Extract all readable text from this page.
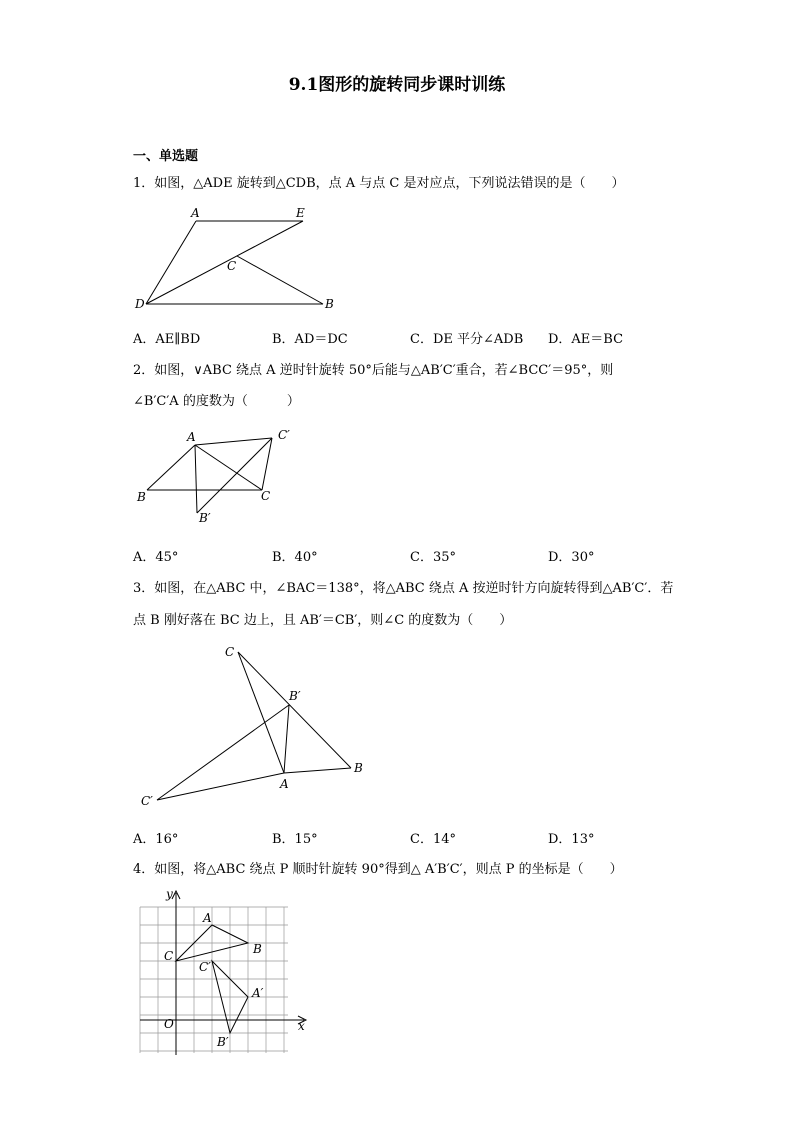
9.1图形的旋转同步课时训练
一、单选题
1．如图，△ADE 旋转到△CDB，点 A 与点 C 是对应点，下列说法错误的是（　　）
A	E
C
D	B
A	C′
B	C
B′
C
B′
B
A
C′
y
x
O
A
B
C
C′
A′
B′
A．AE∥BD	B．AD＝DC	C．DE 平分∠ADB D．AE＝BC
2．如图，∨ABC 绕点 A 逆时针旋转 50°后能与△AB′C′重合，若∠BCC′＝95°，则
∠B′C′A 的度数为（　　　）
A．45°	B．40°	C．35°	D．30°
3．如图，在△ABC 中，∠BAC＝138°，将△ABC 绕点 A 按逆时针方向旋转得到△AB′C′．若
点 B 刚好落在 BC 边上，且 AB′＝CB′，则∠C 的度数为（　　）
A．16°	B．15°	C．14°	D．13°
4．如图，将△ABC 绕点 P 顺时针旋转 90°得到△ A′B′C′，则点 P 的坐标是（　　）
